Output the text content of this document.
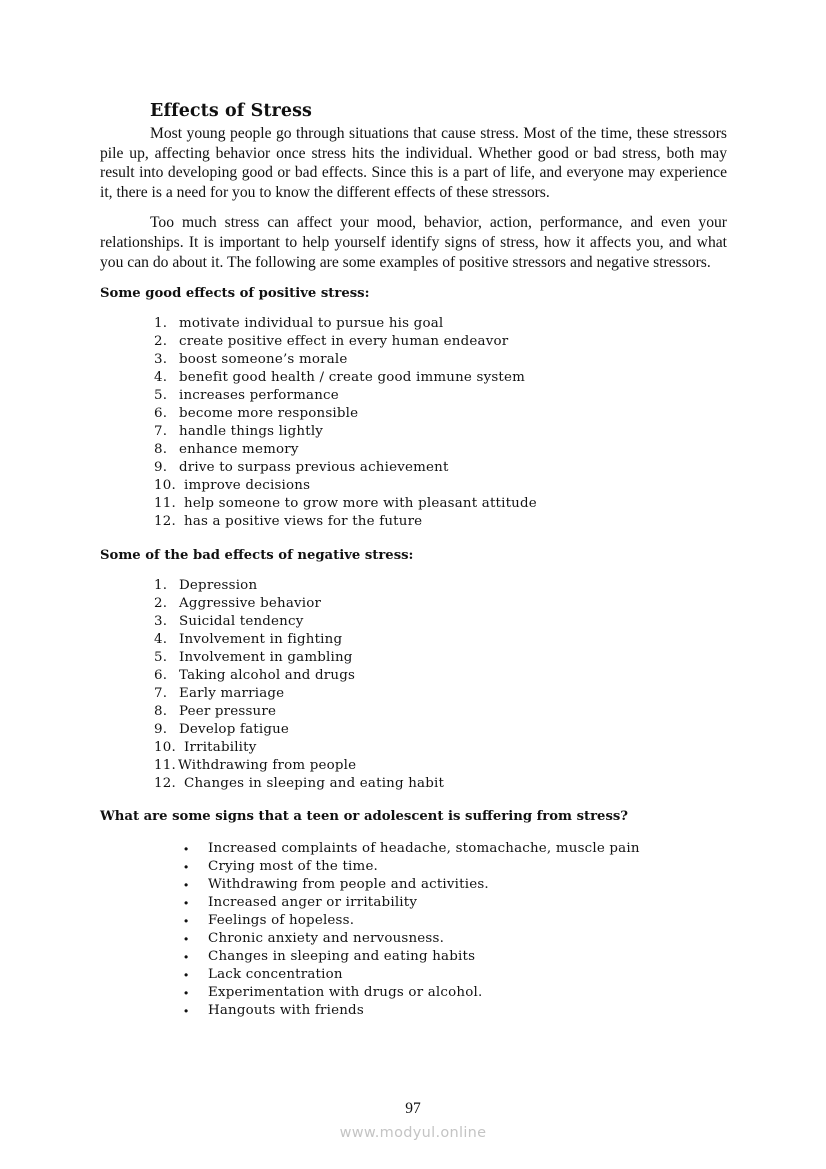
Effects of Stress

Most young people go through situations that cause stress. Most of the time, these stressors pile up, affecting behavior once stress hits the individual. Whether good or bad stress, both may result into developing good or bad effects. Since this is a part of life, and everyone may experience it, there is a need for you to know the different effects of these stressors.

Too much stress can affect your mood, behavior, action, performance, and even your relationships. It is important to help yourself identify signs of stress, how it affects you, and what you can do about it. The following are some examples of positive stressors and negative stressors.

Some good effects of positive stress:
1. motivate individual to pursue his goal
2. create positive effect in every human endeavor
3. boost someone’s morale
4. benefit good health / create good immune system
5. increases performance
6. become more responsible
7. handle things lightly
8. enhance memory
9. drive to surpass previous achievement
10. improve decisions
11. help someone to grow more with pleasant attitude
12. has a positive views for the future
Some of the bad effects of negative stress:
1. Depression
2. Aggressive behavior
3. Suicidal tendency
4. Involvement in fighting
5. Involvement in gambling
6. Taking alcohol and drugs
7. Early marriage
8. Peer pressure
9. Develop fatigue
10. Irritability
11. Withdrawing from people
12. Changes in sleeping and eating habit
What are some signs that a teen or adolescent is suffering from stress?
•	Increased complaints of headache, stomachache, muscle pain
•	Crying most of the time.
•	Withdrawing from people and activities.
•	Increased anger or irritability
•	Feelings of hopeless.
•	Chronic anxiety and nervousness.
•	Changes in sleeping and eating habits
•	Lack concentration
•	Experimentation with drugs or alcohol.
•	Hangouts with friends
97
www.modyul.online
